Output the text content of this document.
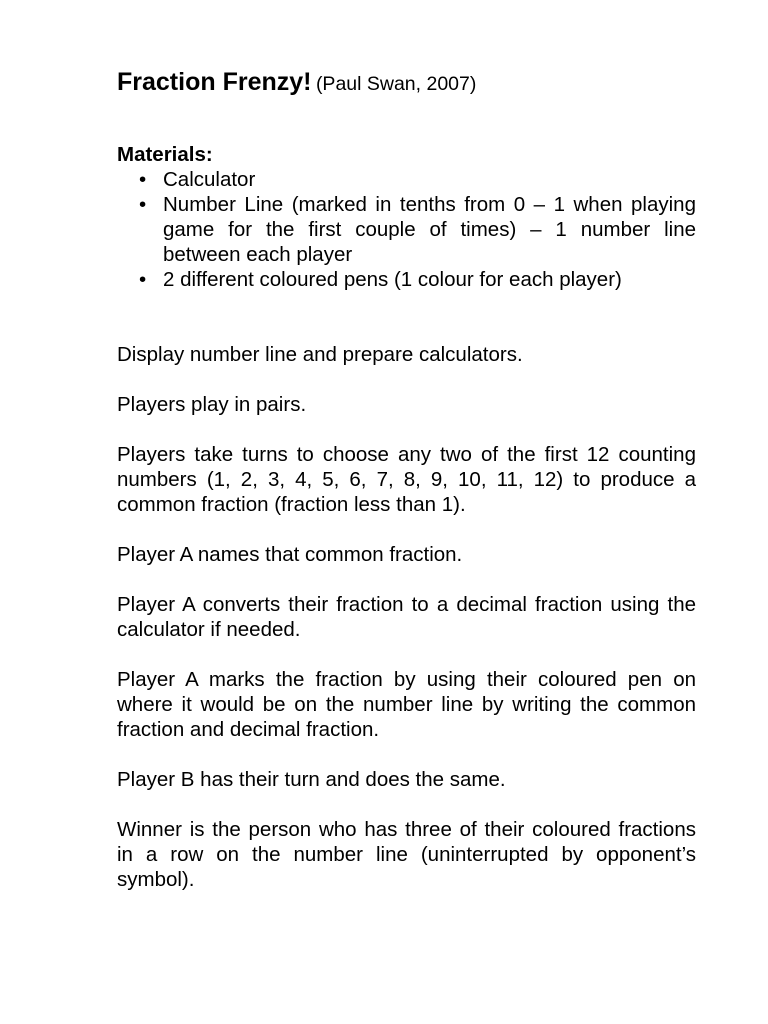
Fraction Frenzy! (Paul Swan, 2007)

Materials:

• Calculator
• Number Line (marked in tenths from 0 – 1 when playing game for the first couple of times) – 1 number line between each player
• 2 different coloured pens (1 colour for each player)

Display number line and prepare calculators.

Players play in pairs.

Players take turns to choose any two of the first 12 counting numbers (1, 2, 3, 4, 5, 6, 7, 8, 9, 10, 11, 12) to produce a common fraction (fraction less than 1).

Player A names that common fraction.

Player A converts their fraction to a decimal fraction using the calculator if needed.

Player A marks the fraction by using their coloured pen on where it would be on the number line by writing the common fraction and decimal fraction.

Player B has their turn and does the same.

Winner is the person who has three of their coloured fractions in a row on the number line (uninterrupted by opponent’s symbol).
